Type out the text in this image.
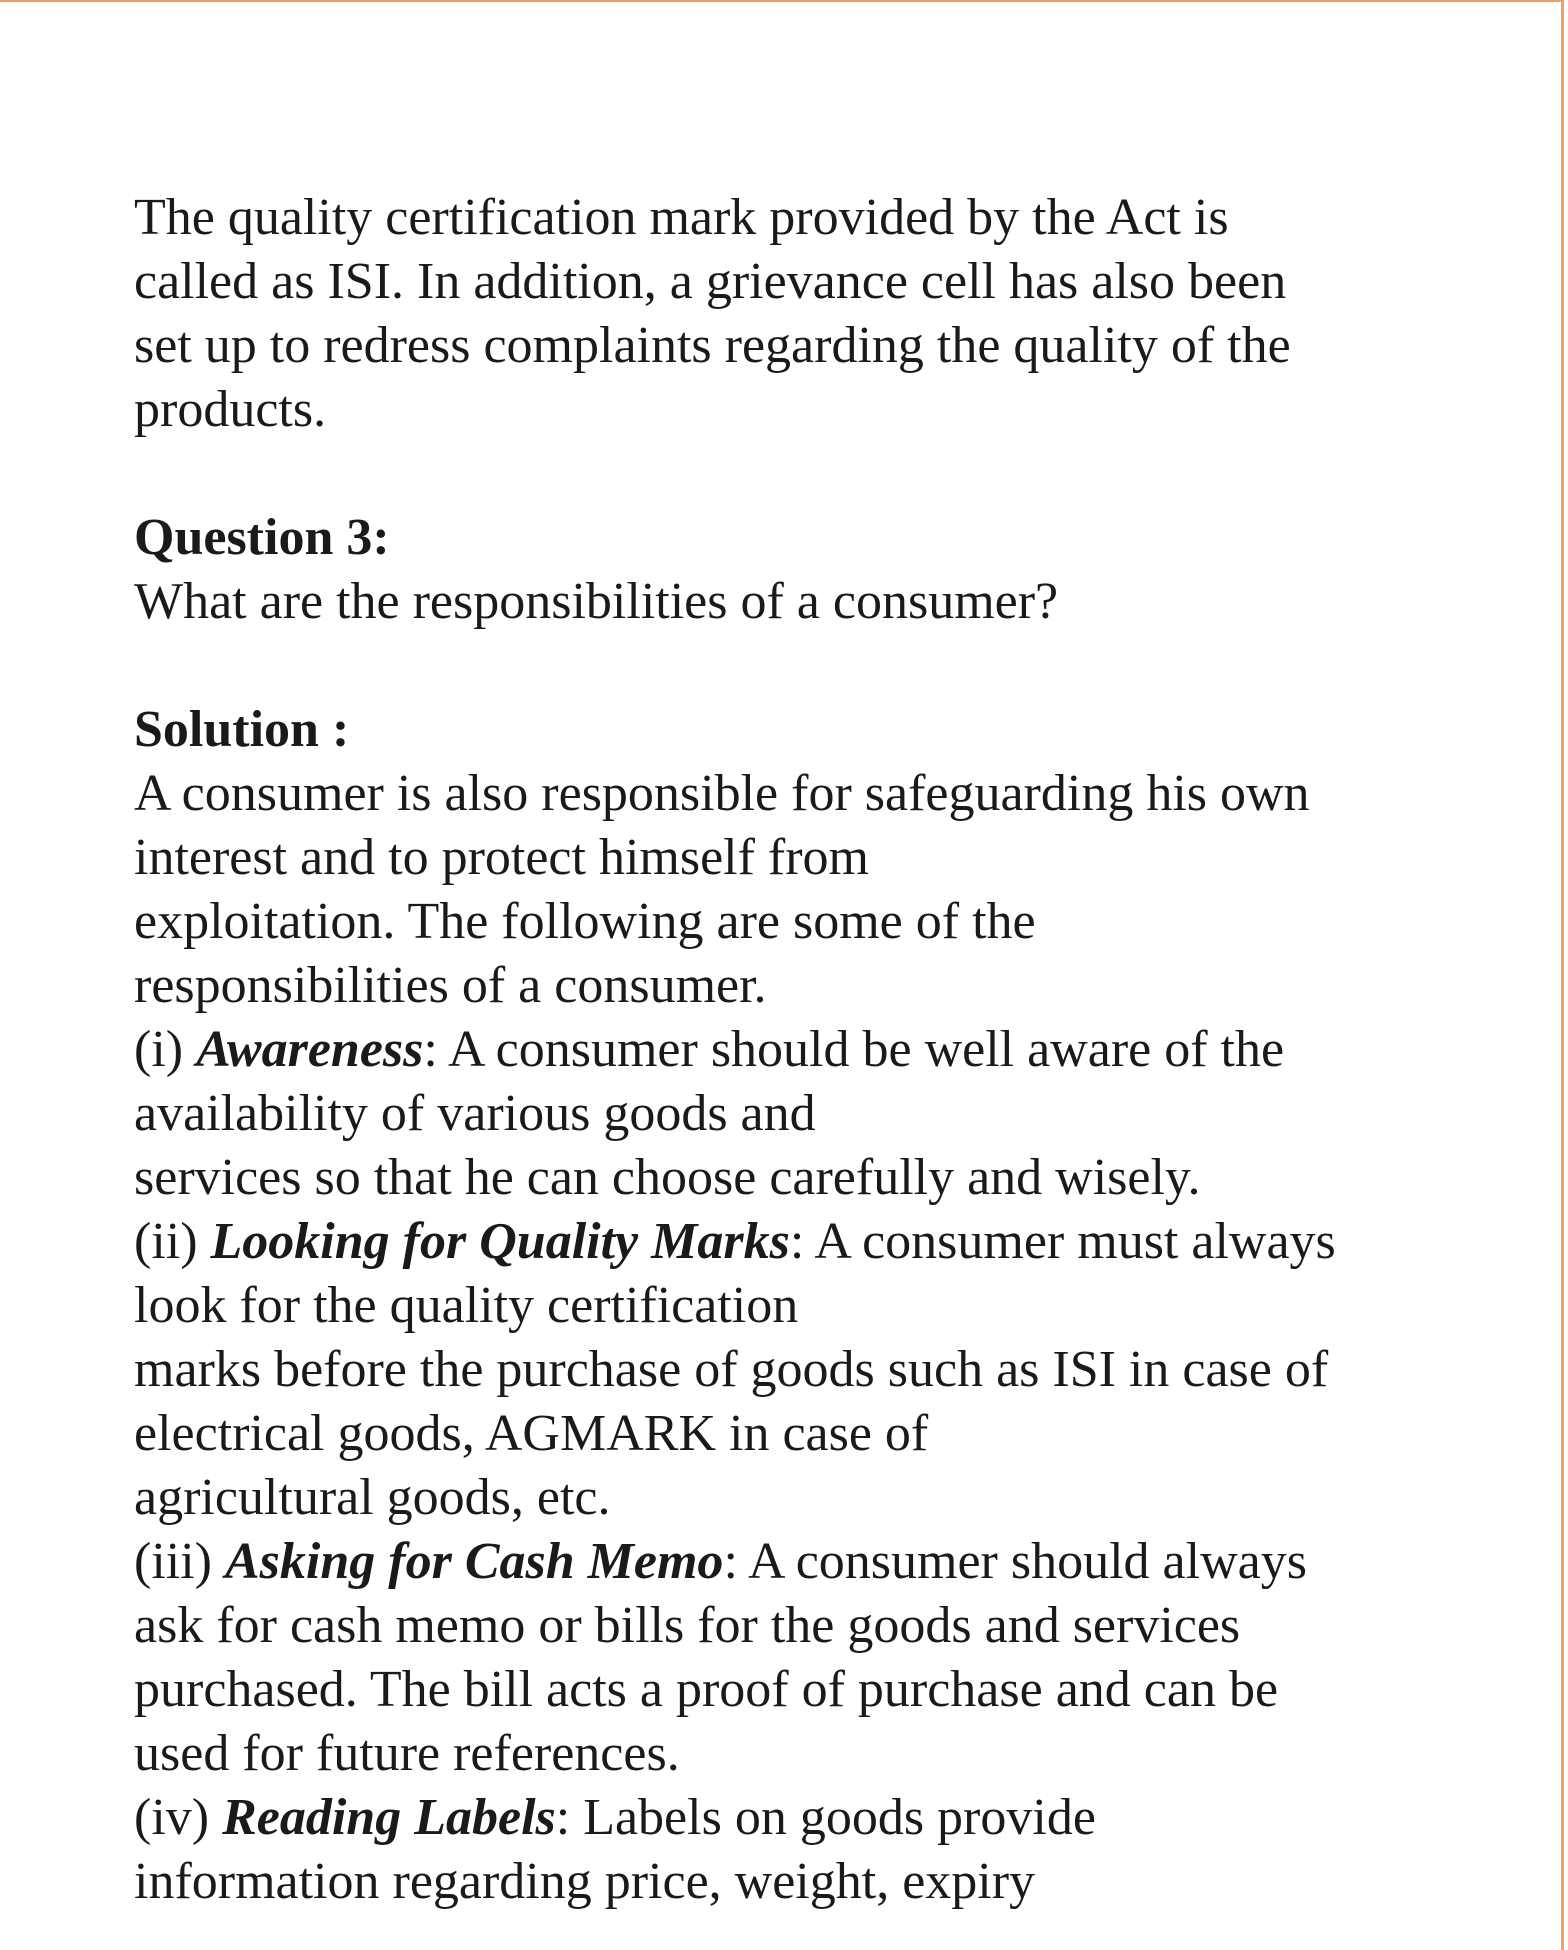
The quality certification mark provided by the Act is
called as ISI. In addition, a grievance cell has also been
set up to redress complaints regarding the quality of the
products.
Question 3:
What are the responsibilities of a consumer?
Solution :
A consumer is also responsible for safeguarding his own
interest and to protect himself from
exploitation. The following are some of the
responsibilities of a consumer.
(i) Awareness: A consumer should be well aware of the
availability of various goods and
services so that he can choose carefully and wisely.
(ii) Looking for Quality Marks: A consumer must always
look for the quality certification
marks before the purchase of goods such as ISI in case of
electrical goods, AGMARK in case of
agricultural goods, etc.
(iii) Asking for Cash Memo: A consumer should always
ask for cash memo or bills for the goods and services
purchased. The bill acts a proof of purchase and can be
used for future references.
(iv) Reading Labels: Labels on goods provide
information regarding price, weight, expiry
